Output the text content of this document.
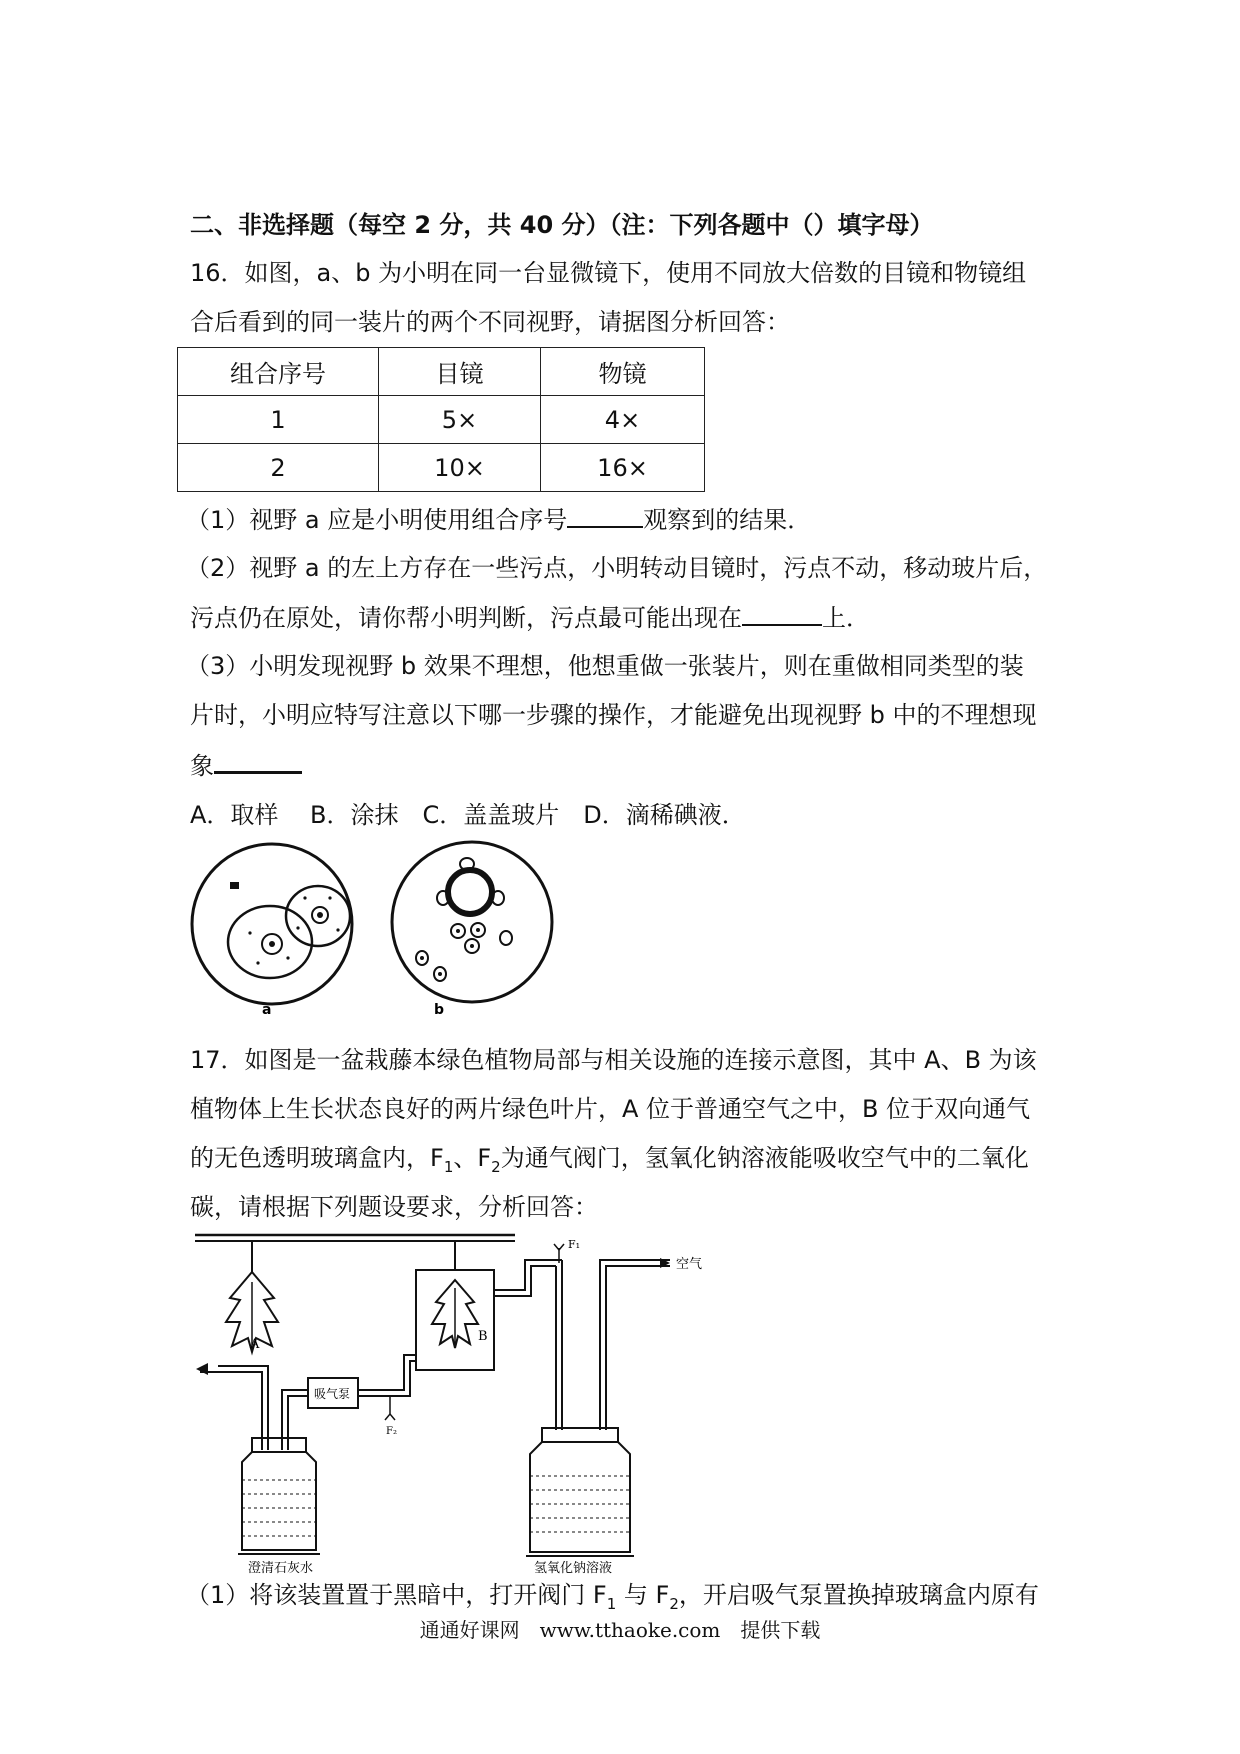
二、非选择题（每空 2 分，共 40 分）（注：下列各题中（）填字母）
16．如图，a、b 为小明在同一台显微镜下，使用不同放大倍数的目镜和物镜组
合后看到的同一装片的两个不同视野，请据图分析回答：
组合序号	目镜	物镜
1	5×	4×
2	10×	16×
（1）视野 a 应是小明使用组合序号	观察到的结果．
（2）视野 a 的左上方存在一些污点，小明转动目镜时，污点不动，移动玻片后，
污点仍在原处，请你帮小明判断，污点最可能出现在	上．
（3）小明发现视野 b 效果不理想，他想重做一张装片，则在重做相同类型的装
片时，小明应特写注意以下哪一步骤的操作，才能避免出现视野 b 中的不理想现
象
A．取样　 B．涂抹　C．盖盖玻片　D．滴稀碘液．
a	b
17．如图是一盆栽藤本绿色植物局部与相关设施的连接示意图，其中 A、B 为该
植物体上生长状态良好的两片绿色叶片，A 位于普通空气之中，B 位于双向通气
的无色透明玻璃盒内，$F_1$、$F_2$为通气阀门，氢氧化钠溶液能吸收空气中的二氧化
碳，请根据下列题设要求，分析回答：
A
B
F₁
空气
F₂
吸气泵
澄清石灰水	氢氧化钠溶液
（1）将该装置置于黑暗中，打开阀门 $F_1$ 与 $F_2$，开启吸气泵置换掉玻璃盒内原有
通通好课网　www.tthaoke.com　提供下载
